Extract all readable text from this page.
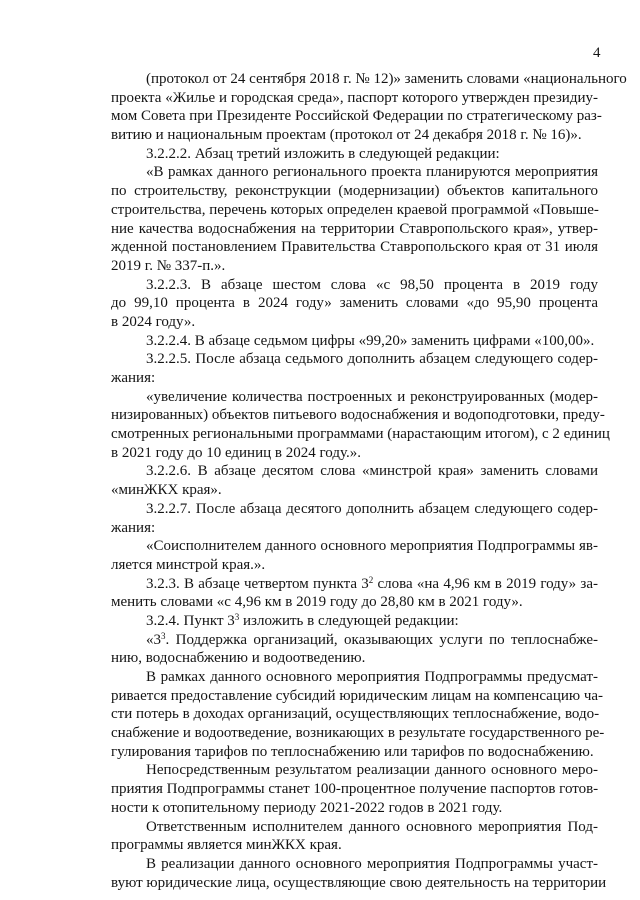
4
(протокол от 24 сентября 2018 г. № 12)» заменить словами «национального
проекта «Жилье и городская среда», паспорт которого утвержден президиу-
мом Совета при Президенте Российской Федерации по стратегическому раз-
витию и национальным проектам (протокол от 24 декабря 2018 г. № 16)».
3.2.2.2. Абзац третий изложить в следующей редакции:
«В рамках данного регионального проекта планируются мероприятия
по строительству, реконструкции (модернизации) объектов капитального
строительства, перечень которых определен краевой программой «Повыше-
ние качества водоснабжения на территории Ставропольского края», утвер-
жденной постановлением Правительства Ставропольского края от 31 июля
2019 г. № 337-п.».
3.2.2.3. В абзаце шестом слова «с 98,50 процента в 2019 году
до 99,10 процента в 2024 году» заменить словами «до 95,90 процента
в 2024 году».
3.2.2.4. В абзаце седьмом цифры «99,20» заменить цифрами «100,00».
3.2.2.5. После абзаца седьмого дополнить абзацем следующего содер-
жания:
«увеличение количества построенных и реконструированных (модер-
низированных) объектов питьевого водоснабжения и водоподготовки, преду-
смотренных региональными программами (нарастающим итогом), с 2 единиц
в 2021 году до 10 единиц в 2024 году.».
3.2.2.6. В абзаце десятом слова «минстрой края» заменить словами
«минЖКХ края».
3.2.2.7. После абзаца десятого дополнить абзацем следующего содер-
жания:
«Соисполнителем данного основного мероприятия Подпрограммы яв-
ляется минстрой края.».
3.2.3. В абзаце четвертом пункта $3^2$ слова «на 4,96 км в 2019 году» за-
менить словами «с 4,96 км в 2019 году до 28,80 км в 2021 году».
3.2.4. Пункт $3^3$ изложить в следующей редакции:
«$3^3$. Поддержка организаций, оказывающих услуги по теплоснабже-
нию, водоснабжению и водоотведению.
В рамках данного основного мероприятия Подпрограммы предусмат-
ривается предоставление субсидий юридическим лицам на компенсацию ча-
сти потерь в доходах организаций, осуществляющих теплоснабжение, водо-
снабжение и водоотведение, возникающих в результате государственного ре-
гулирования тарифов по теплоснабжению или тарифов по водоснабжению.
Непосредственным результатом реализации данного основного меро-
приятия Подпрограммы станет 100-процентное получение паспортов готов-
ности к отопительному периоду 2021-2022 годов в 2021 году.
Ответственным исполнителем данного основного мероприятия Под-
программы является минЖКХ края.
В реализации данного основного мероприятия Подпрограммы участ-
вуют юридические лица, осуществляющие свою деятельность на территории
